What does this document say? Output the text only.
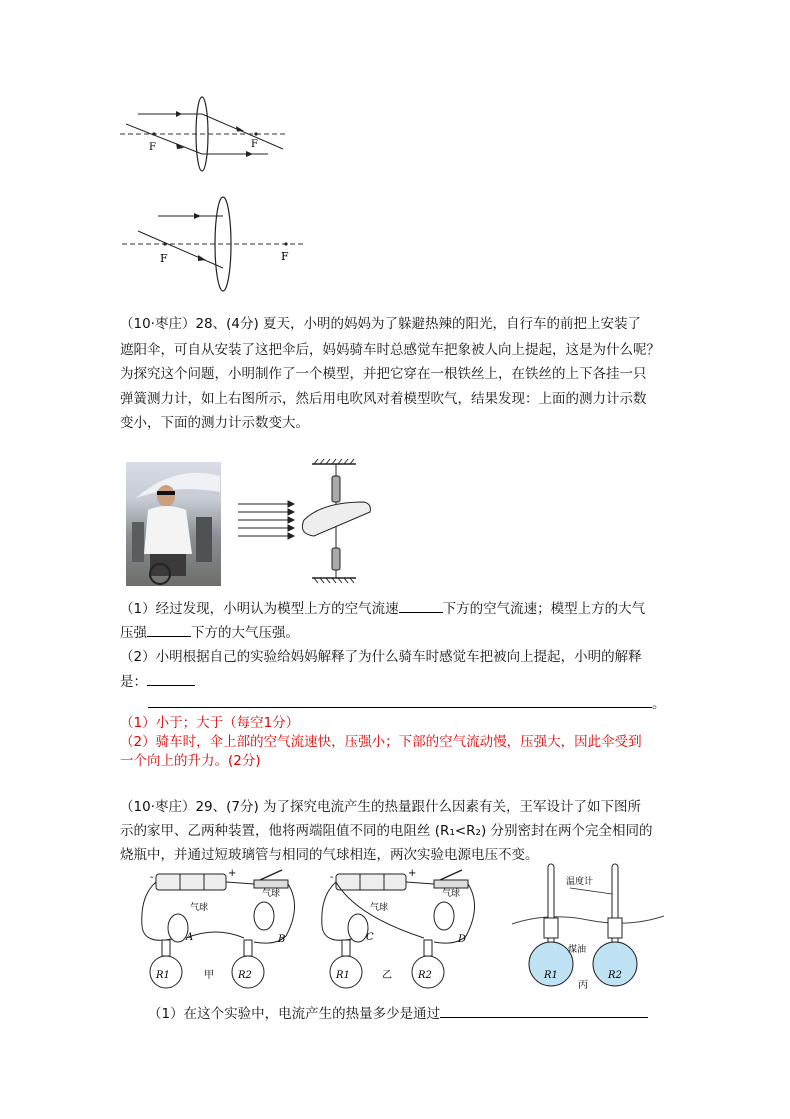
F	F
F	F
（10·枣庄）28、(4分) 夏天，小明的妈妈为了躲避热辣的阳光，自行车的前把上安装了
遮阳伞，可自从安装了这把伞后，妈妈骑车时总感觉车把象被人向上提起，这是为什么呢？
为探究这个问题，小明制作了一个模型，并把它穿在一根铁丝上，在铁丝的上下各挂一只
弹簧测力计，如上右图所示，然后用电吹风对着模型吹气，结果发现：上面的测力计示数
变小，下面的测力计示数变大。
（1）经过发现，小明认为模型上方的空气流速	下方的空气流速；模型上方的大气
压强	下方的大气压强。
（2）小明根据自己的实验给妈妈解释了为什么骑车时感觉车把被向上提起，小明的解释
是：
。
（1）小于；大于（每空1分）
（2）骑车时，伞上部的空气流速快，压强小；下部的空气流动慢，压强大，因此伞受到
一个向上的升力。(2分)
（10·枣庄）29、(7分) 为了探究电流产生的热量跟什么因素有关，王军设计了如下图所
示的家甲、乙两种装置，他将两端阻值不同的电阻丝 (R₁<R₂) 分别密封在两个完全相同的
烧瓶中，并通过短玻璃管与相同的气球相连，两次实验电源电压不变。
-	+
气球
气球
A	B
R1	R2
甲
-	+
气球
气球
C	D
R1	R2
乙
温度计
煤油
R1	R2
丙
（1）在这个实验中，电流产生的热量多少是通过
